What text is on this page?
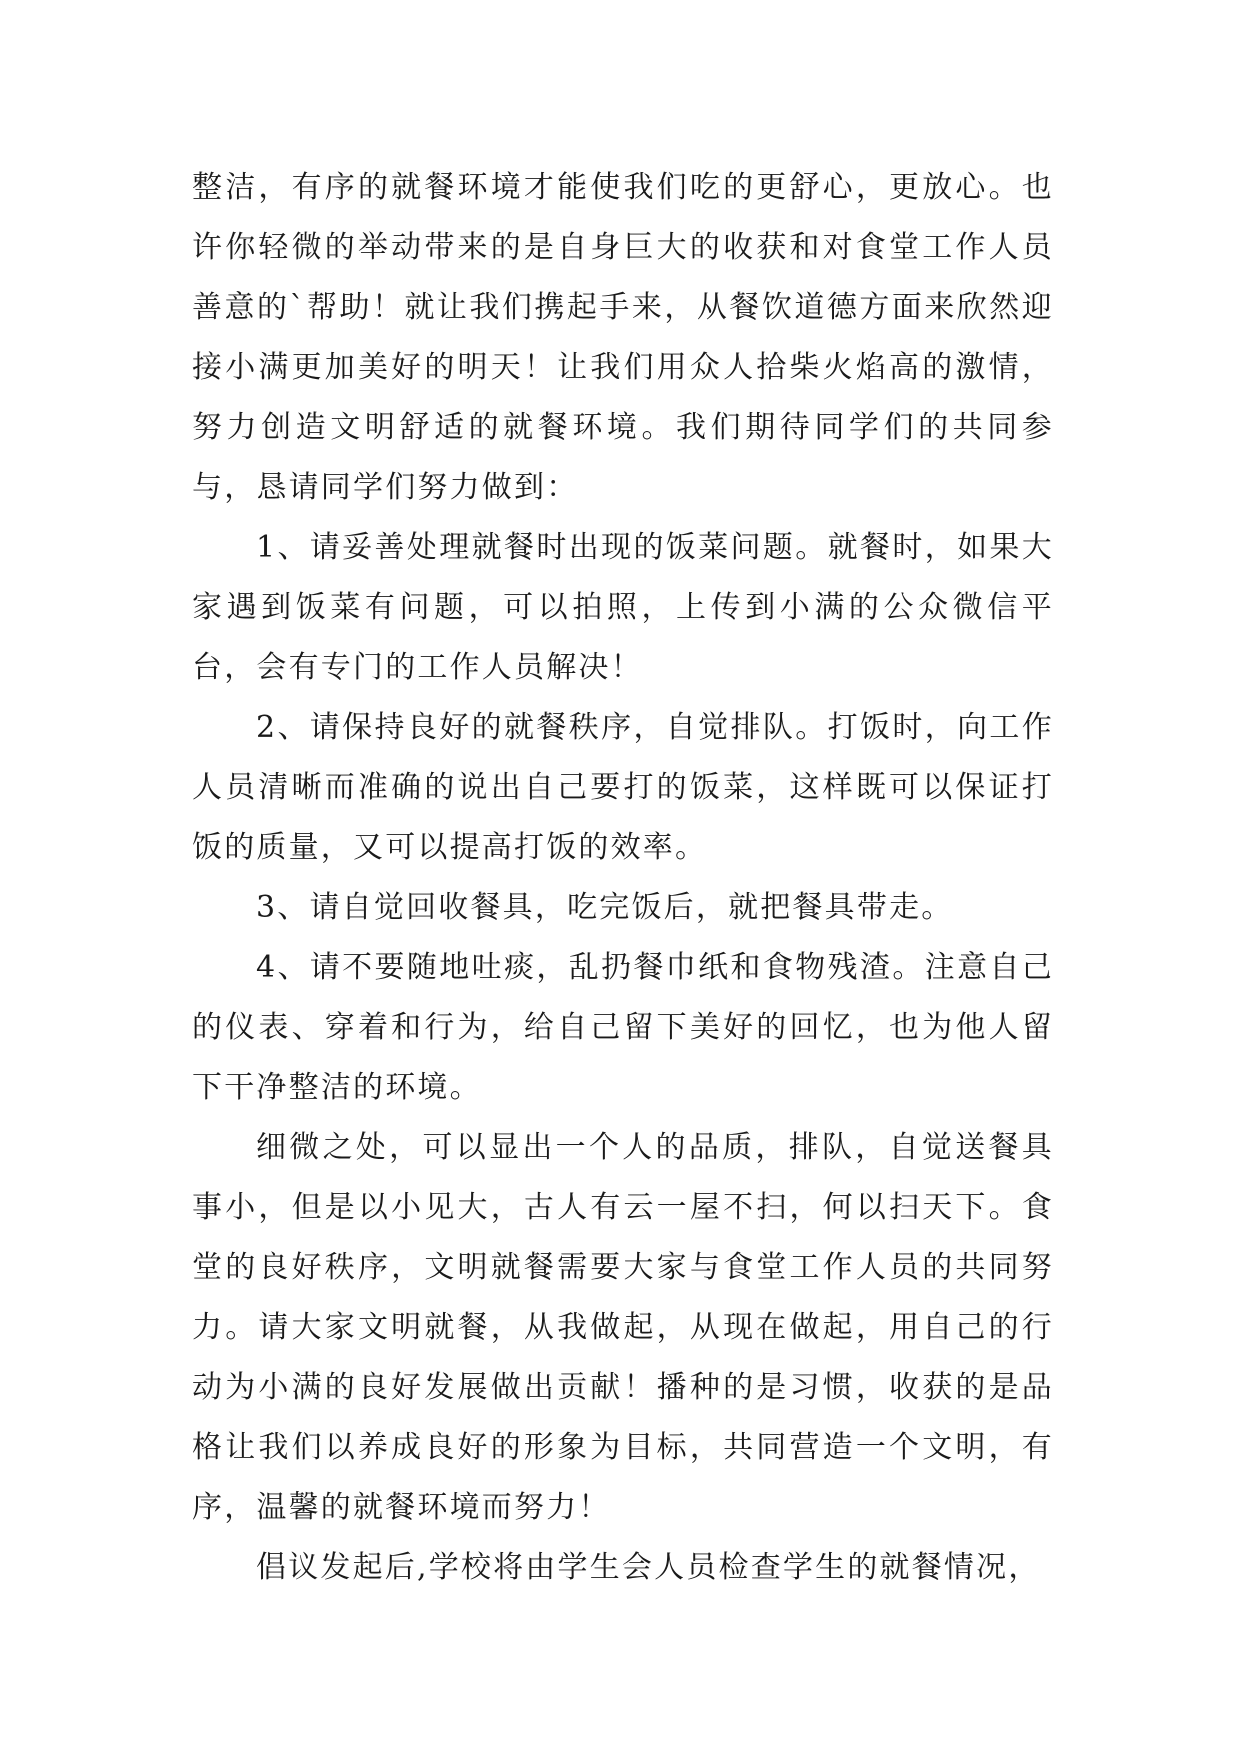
整洁，有序的就餐环境才能使我们吃的更舒心，更放心。也许你轻微的举动带来的是自身巨大的收获和对食堂工作人员善意的`帮助！就让我们携起手来，从餐饮道德方面来欣然迎接小满更加美好的明天！让我们用众人拾柴火焰高的激情，努力创造文明舒适的就餐环境。我们期待同学们的共同参与，恳请同学们努力做到：

1、请妥善处理就餐时出现的饭菜问题。就餐时，如果大家遇到饭菜有问题，可以拍照，上传到小满的公众微信平台，会有专门的工作人员解决！

2、请保持良好的就餐秩序，自觉排队。打饭时，向工作人员清晰而准确的说出自己要打的饭菜，这样既可以保证打饭的质量，又可以提高打饭的效率。

3、请自觉回收餐具，吃完饭后，就把餐具带走。

4、请不要随地吐痰，乱扔餐巾纸和食物残渣。注意自己的仪表、穿着和行为，给自己留下美好的回忆，也为他人留下干净整洁的环境。

细微之处，可以显出一个人的品质，排队，自觉送餐具事小，但是以小见大，古人有云一屋不扫，何以扫天下。食堂的良好秩序，文明就餐需要大家与食堂工作人员的共同努力。请大家文明就餐，从我做起，从现在做起，用自己的行动为小满的良好发展做出贡献！播种的是习惯，收获的是品格让我们以养成良好的形象为目标，共同营造一个文明，有序，温馨的就餐环境而努力！

倡议发起后,学校将由学生会人员检查学生的就餐情况，
